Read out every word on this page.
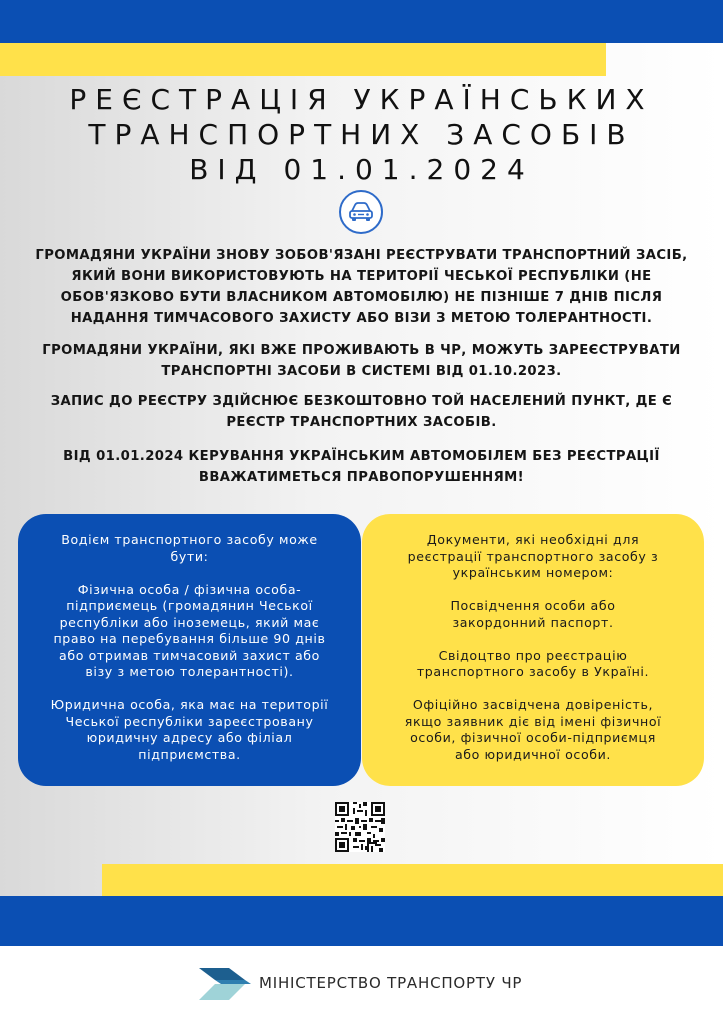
РЕЄСТРАЦІЯ УКРАЇНСЬКИХ
ТРАНСПОРТНИХ ЗАСОБІВ
ВІД 01.01.2024

ГРОМАДЯНИ УКРАЇНИ ЗНОВУ ЗОБОВ'ЯЗАНІ РЕЄСТРУВАТИ ТРАНСПОРТНИЙ ЗАСІБ, ЯКИЙ ВОНИ ВИКОРИСТОВУЮТЬ НА ТЕРИТОРІЇ ЧЕСЬКОЇ РЕСПУБЛІКИ (НЕ ОБОВ'ЯЗКОВО БУТИ ВЛАСНИКОМ АВТОМОБІЛЮ) НЕ ПІЗНІШЕ 7 ДНІВ ПІСЛЯ НАДАННЯ ТИМЧАСОВОГО ЗАХИСТУ АБО ВІЗИ З МЕТОЮ ТОЛЕРАНТНОСТІ.

ГРОМАДЯНИ УКРАЇНИ, ЯКІ ВЖЕ ПРОЖИВАЮТЬ В ЧР, МОЖУТЬ ЗАРЕЄСТРУВАТИ ТРАНСПОРТНІ ЗАСОБИ В СИСТЕМІ ВІД 01.10.2023.

ЗАПИС ДО РЕЄСТРУ ЗДІЙСНЮЄ БЕЗКОШТОВНО ТОЙ НАСЕЛЕНИЙ ПУНКТ, ДЕ Є РЕЄСТР ТРАНСПОРТНИХ ЗАСОБІВ.

ВІД 01.01.2024 КЕРУВАННЯ УКРАЇНСЬКИМ АВТОМОБІЛЕМ БЕЗ РЕЄСТРАЦІЇ ВВАЖАТИМЕТЬСЯ ПРАВОПОРУШЕННЯМ!

Водієм транспортного засобу може
бути:

Фізична особа / фізична особа-
підприємець (громадянин Чеської
республіки або іноземець, який має
право на перебування більше 90 днів
або отримав тимчасовий захист або
візу з метою толерантності).

Юридична особа, яка має на території
Чеської республіки зареєстровану
юридичну адресу або філіал
підприємства.

Документи, які необхідні для
реєстрації транспортного засобу з
українським номером:

Посвідчення особи або
закордонний паспорт.

Свідоцтво про реєстрацію
транспортного засобу в Україні.

Офіційно засвідчена довіреність,
якщо заявник діє від імені фізичної
особи, фізичної особи-підприємця
або юридичної особи.

МІНІСТЕРСТВО ТРАНСПОРТУ ЧР
